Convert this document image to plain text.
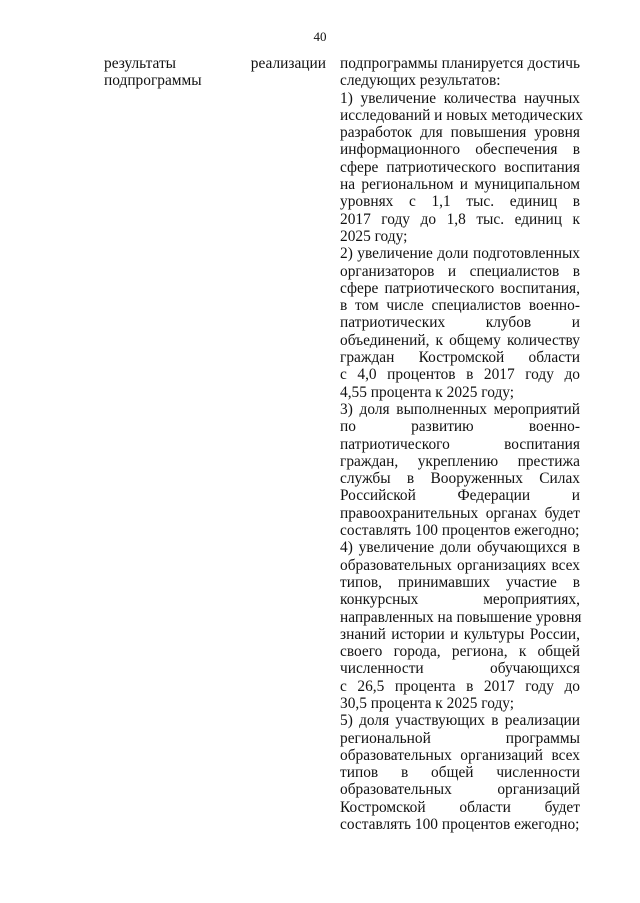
40
результаты	реализации
подпрограммы
подпрограммы планируется достичь
следующих результатов:
1) увеличение количества научных
исследований и новых методических
разработок для повышения уровня
информационного обеспечения в
сфере патриотического воспитания
на региональном и муниципальном
уровнях с 1,1 тыс. единиц в
2017 году до 1,8 тыс. единиц к
2025 году;
2) увеличение доли подготовленных
организаторов и специалистов в
сфере патриотического воспитания,
в том числе специалистов военно-
патриотических клубов и
объединений, к общему количеству
граждан Костромской области
с 4,0 процентов в 2017 году до
4,55 процента к 2025 году;
3) доля выполненных мероприятий
по развитию военно-
патриотического воспитания
граждан, укреплению престижа
службы в Вооруженных Силах
Российской Федерации и
правоохранительных органах будет
составлять 100 процентов ежегодно;
4) увеличение доли обучающихся в
образовательных организациях всех
типов, принимавших участие в
конкурсных мероприятиях,
направленных на повышение уровня
знаний истории и культуры России,
своего города, региона, к общей
численности обучающихся
с 26,5 процента в 2017 году до
30,5 процента к 2025 году;
5) доля участвующих в реализации
региональной программы
образовательных организаций всех
типов в общей численности
образовательных организаций
Костромской области будет
составлять 100 процентов ежегодно;
